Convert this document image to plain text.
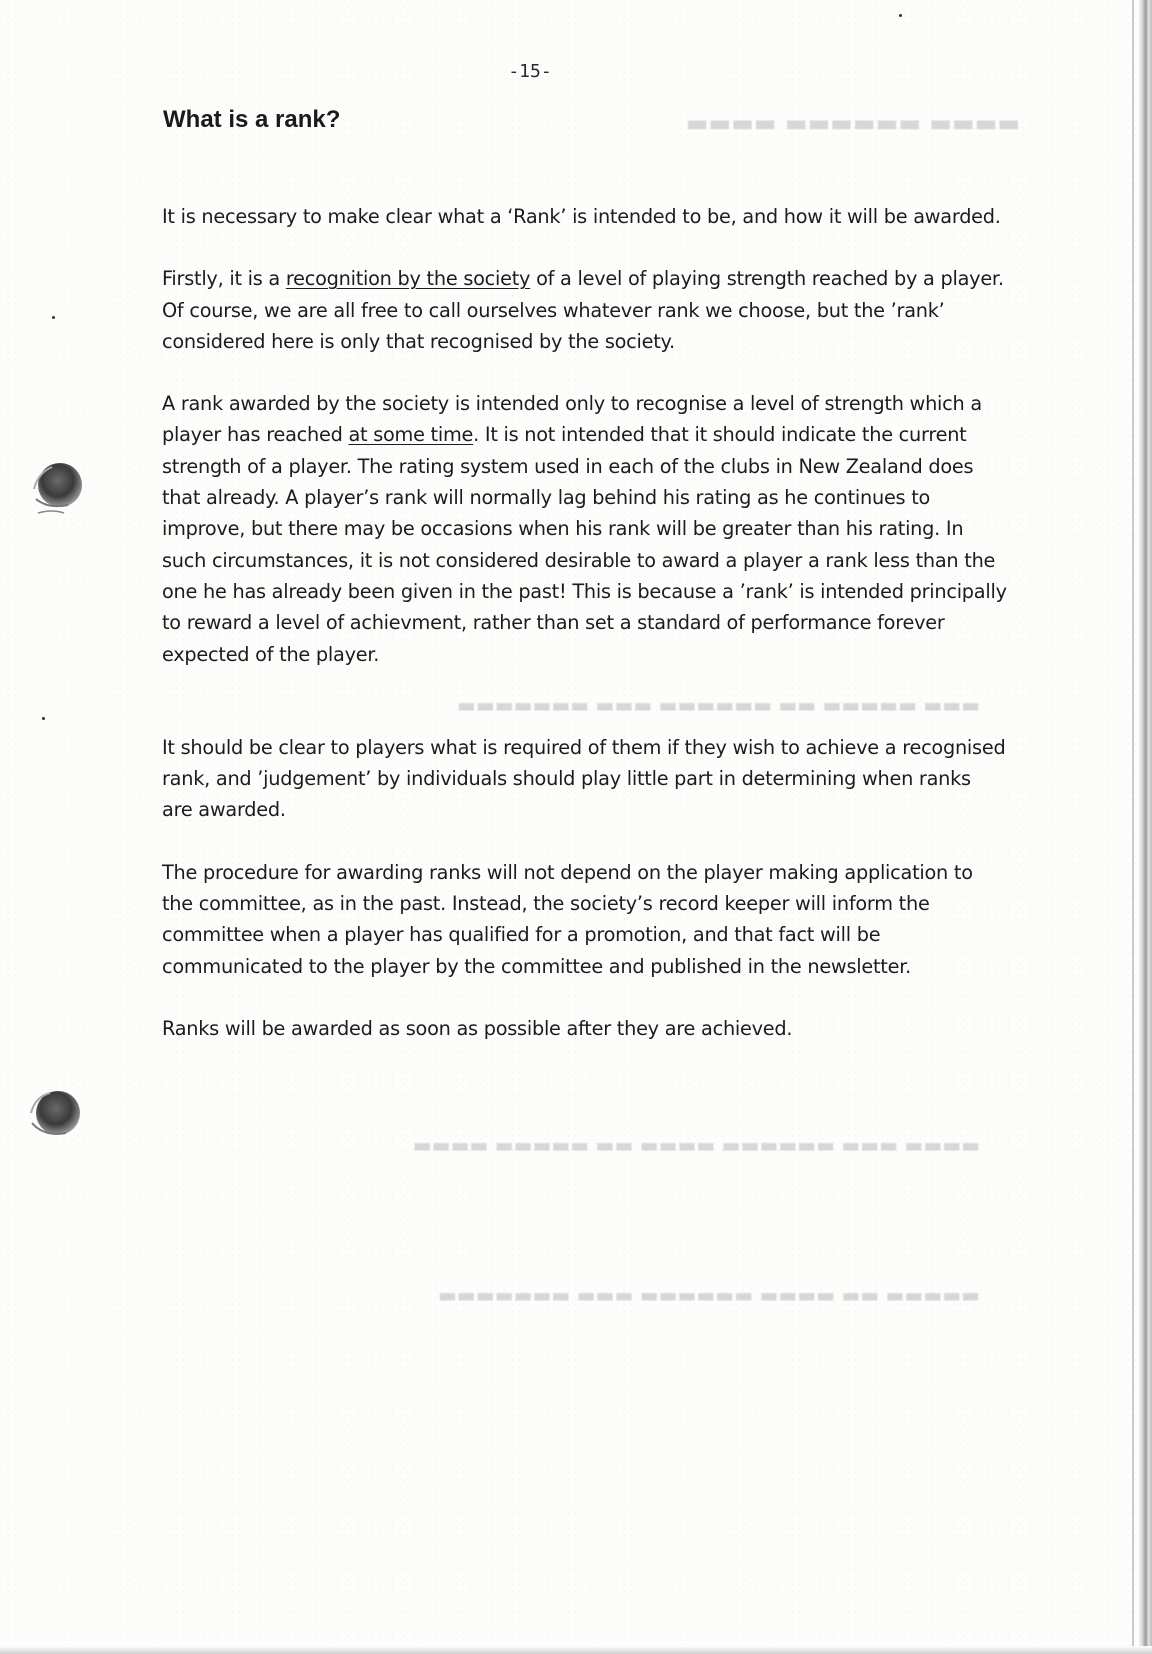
▬▬▬▬ ▬▬▬▬▬▬ ▬▬▬▬
▬▬▬ ▬▬▬▬▬ ▬▬ ▬▬▬▬▬▬ ▬▬▬ ▬▬▬▬▬▬▬
▬▬▬▬ ▬▬▬ ▬▬▬▬▬▬ ▬▬▬▬ ▬▬ ▬▬▬▬▬ ▬▬▬▬
▬▬▬▬▬ ▬▬ ▬▬▬▬ ▬▬▬▬▬▬ ▬▬▬ ▬▬▬▬▬▬▬
-15-
What is a rank?

It is necessary to make clear what a ‘Rank’ is intended to be, and how it will be awarded.

Firstly, it is a recognition by the society of a level of playing strength reached by a player. Of course, we are all free to call ourselves whatever rank we choose, but the ’rank’ considered here is only that recognised by the society.

A rank awarded by the society is intended only to recognise a level of strength which a player has reached at some time. It is not intended that it should indicate the current strength of a player. The rating system used in each of the clubs in New Zealand does that already. A player’s rank will normally lag behind his rating as he continues to improve, but there may be occasions when his rank will be greater than his rating. In such circumstances, it is not considered desirable to award a player a rank less than the one he has already been given in the past! This is because a ’rank’ is intended principally to reward a level of achievment, rather than set a standard of performance forever expected of the player.

It should be clear to players what is required of them if they wish to achieve a recognised rank, and ’judgement’ by individuals should play little part in determining when ranks are awarded.

The procedure for awarding ranks will not depend on the player making application to the committee, as in the past. Instead, the society’s record keeper will inform the committee when a player has qualified for a promotion, and that fact will be communicated to the player by the committee and published in the newsletter.

Ranks will be awarded as soon as possible after they are achieved.
